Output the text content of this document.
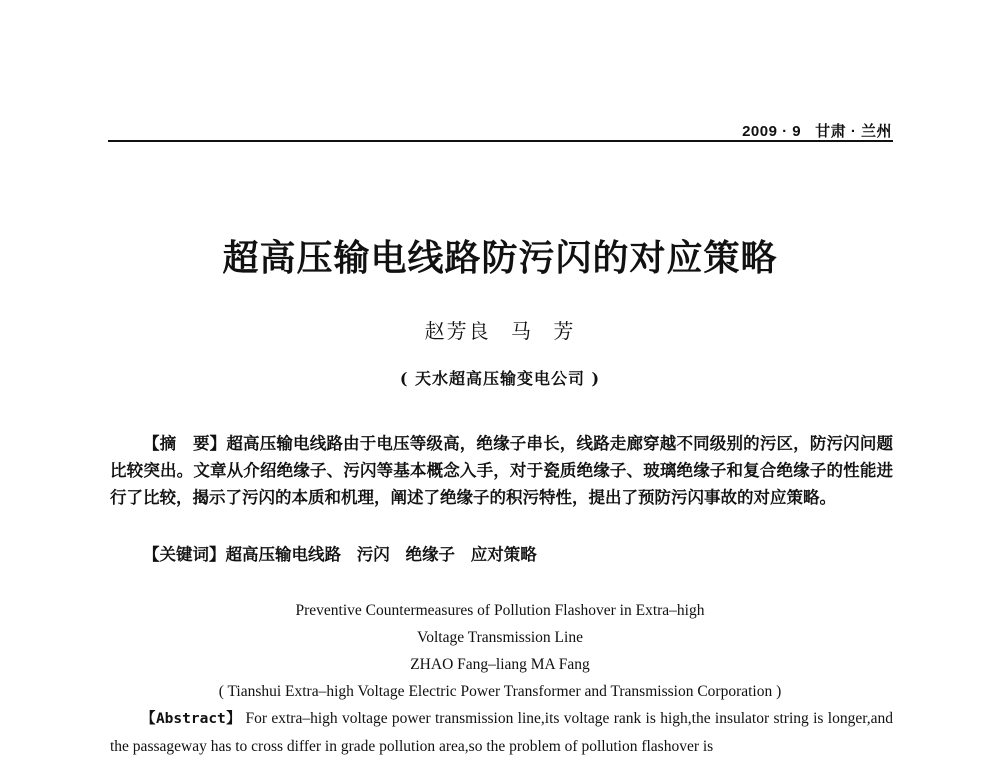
2009 · 9 甘肃 · 兰州
超高压输电线路防污闪的对应策略
赵芳良 马 芳
( 天水超高压输变电公司 )
【摘　要】超高压输电线路由于电压等级高，绝缘子串长，线路走廊穿越不同级别的污区，防污闪问题比较突出。文章从介绍绝缘子、污闪等基本概念入手，对于瓷质绝缘子、玻璃绝缘子和复合绝缘子的性能进行了比较，揭示了污闪的本质和机理，阐述了绝缘子的积污特性，提出了预防污闪事故的对应策略。
【关键词】超高压输电线路 污闪 绝缘子 应对策略
Preventive Countermeasures of Pollution Flashover in Extra–high
Voltage Transmission Line
ZHAO Fang–liang MA Fang
( Tianshui Extra–high Voltage Electric Power Transformer and Transmission Corporation )
【Abstract】 For extra–high voltage power transmission line,its voltage rank is high,the insulator string is longer,and the passageway has to cross differ in grade pollution area,so the problem of pollution flashover is
